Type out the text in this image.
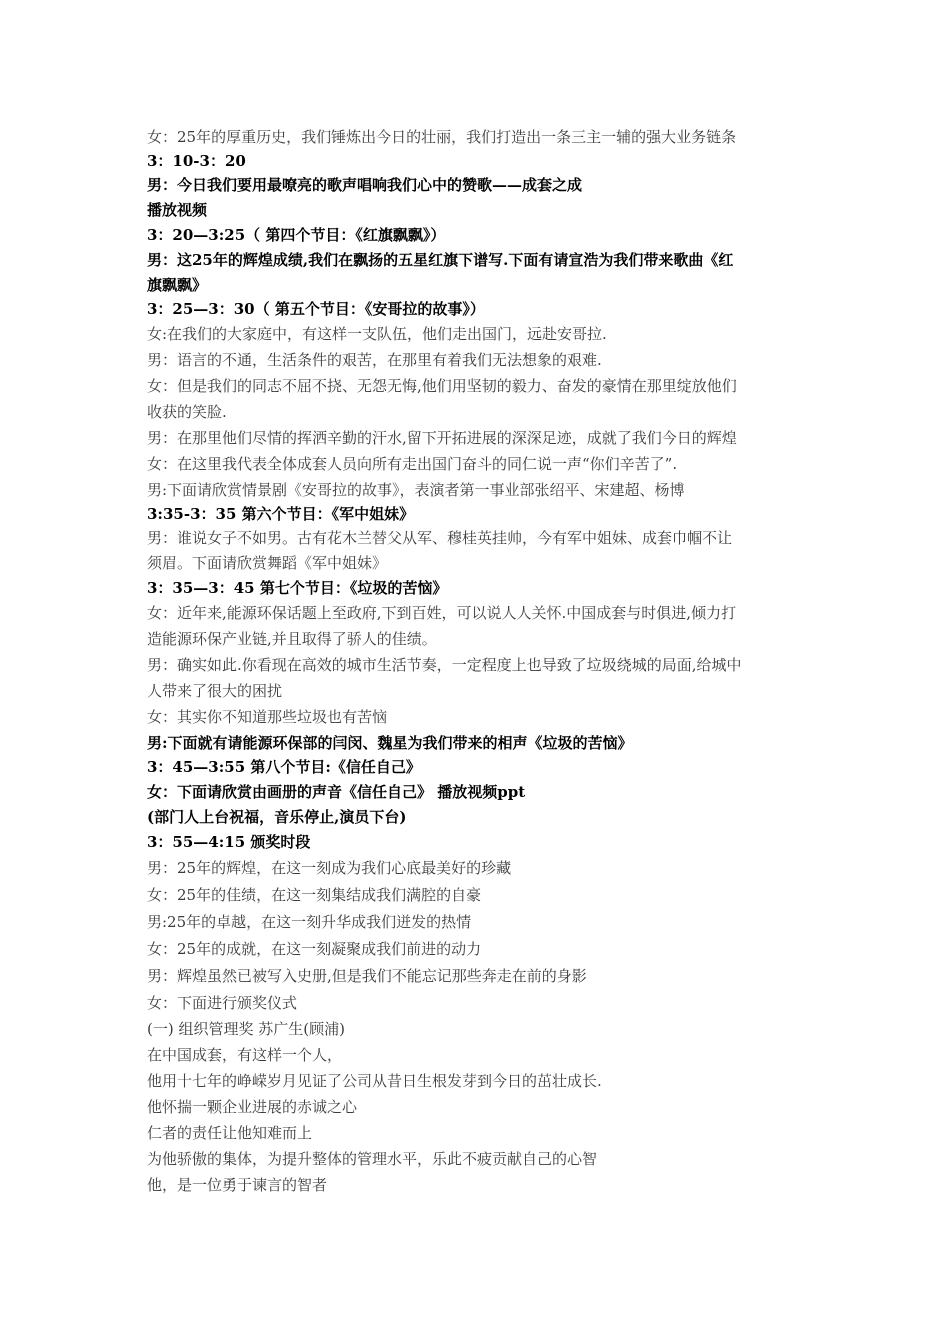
女：25年的厚重历史，我们锤炼出今日的壮丽，我们打造出一条三主一辅的强大业务链条
3：10-3：20
男：今日我们要用最嘹亮的歌声唱响我们心中的赞歌——成套之成
播放视频
3：20—3:25（ 第四个节目：《红旗飘飘》）
男：这25年的辉煌成绩,我们在飘扬的五星红旗下谱写.下面有请宣浩为我们带来歌曲《红
旗飘飘》
3：25—3：30（ 第五个节目：《安哥拉的故事》）
女:在我们的大家庭中，有这样一支队伍，他们走出国门，远赴安哥拉.
男：语言的不通，生活条件的艰苦，在那里有着我们无法想象的艰难.
女：但是我们的同志不屈不挠、无怨无悔,他们用坚韧的毅力、奋发的豪情在那里绽放他们
收获的笑脸.
男：在那里他们尽情的挥洒辛勤的汗水,留下开拓进展的深深足迹，成就了我们今日的辉煌
女：在这里我代表全体成套人员向所有走出国门奋斗的同仁说一声“你们辛苦了”.
男:下面请欣赏情景剧《安哥拉的故事》，表演者第一事业部张绍平、宋建超、杨博
3:35-3：35 第六个节目：《军中姐妹》
男：谁说女子不如男。古有花木兰替父从军、穆桂英挂帅，今有军中姐妹、成套巾帼不让
须眉。下面请欣赏舞蹈《军中姐妹》
3：35—3：45 第七个节目：《垃圾的苦恼》
女：近年来,能源环保话题上至政府,下到百姓，可以说人人关怀.中国成套与时俱进,倾力打
造能源环保产业链,并且取得了骄人的佳绩。
男：确实如此.你看现在高效的城市生活节奏，一定程度上也导致了垃圾绕城的局面,给城中
人带来了很大的困扰
女：其实你不知道那些垃圾也有苦恼
男:下面就有请能源环保部的闫闵、魏星为我们带来的相声《垃圾的苦恼》
3：45—3:55 第八个节目:《信任自己》
女：下面请欣赏由画册的声音《信任自己》 播放视频ppt
(部门人上台祝福，音乐停止,演员下台)
3：55—4:15 颁奖时段
男：25年的辉煌，在这一刻成为我们心底最美好的珍藏
女：25年的佳绩，在这一刻集结成我们满腔的自豪
男:25年的卓越，在这一刻升华成我们迸发的热情
女：25年的成就，在这一刻凝聚成我们前进的动力
男：辉煌虽然已被写入史册,但是我们不能忘记那些奔走在前的身影
女：下面进行颁奖仪式
(一) 组织管理奖 苏广生(顾浦)
在中国成套，有这样一个人，
他用十七年的峥嵘岁月见证了公司从昔日生根发芽到今日的茁壮成长.
他怀揣一颗企业进展的赤诚之心
仁者的责任让他知难而上
为他骄傲的集体，为提升整体的管理水平，乐此不疲贡献自己的心智
他，是一位勇于谏言的智者
